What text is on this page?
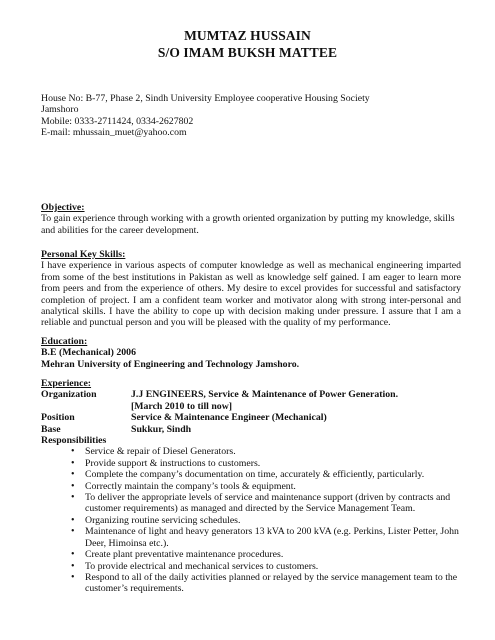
MUMTAZ HUSSAIN
S/O IMAM BUKSH MATTEE
House No: B-77, Phase 2, Sindh University Employee cooperative Housing Society
Jamshoro
Mobile: 0333-2711424, 0334-2627802
E-mail: mhussain_muet@yahoo.com
Objective:
To gain experience through working with a growth oriented organization by putting my knowledge, skills and abilities for the career development.
Personal Key Skills:
I have experience in various aspects of computer knowledge as well as mechanical engineering imparted from some of the best institutions in Pakistan as well as knowledge self gained. I am eager to learn more from peers and from the experience of others. My desire to excel provides for successful and satisfactory completion of project. I am a confident team worker and motivator along with strong inter-personal and analytical skills. I have the ability to cope up with decision making under pressure. I assure that I am a reliable and punctual person and you will be pleased with the quality of my performance.
Education:
B.E (Mechanical) 2006
Mehran University of Engineering and Technology Jamshoro.
Experience:
Organization	J.J ENGINEERS, Service & Maintenance of Power Generation.
[March 2010 to till now]
Position	Service & Maintenance Engineer (Mechanical)
Base	Sukkur, Sindh
Responsibilities
• Service & repair of Diesel Generators.
• Provide support & instructions to customers.
• Complete the company’s documentation on time, accurately & efficiently, particularly.
• Correctly maintain the company’s tools & equipment.
• To deliver the appropriate levels of service and maintenance support (driven by contracts and customer requirements) as managed and directed by the Service Management Team.
• Organizing routine servicing schedules.
• Maintenance of light and heavy generators 13 kVA to 200 kVA (e.g. Perkins, Lister Petter, John Deer, Himoinsa etc.).
• Create plant preventative maintenance procedures.
• To provide electrical and mechanical services to customers.
• Respond to all of the daily activities planned or relayed by the service management team to the customer’s requirements.
